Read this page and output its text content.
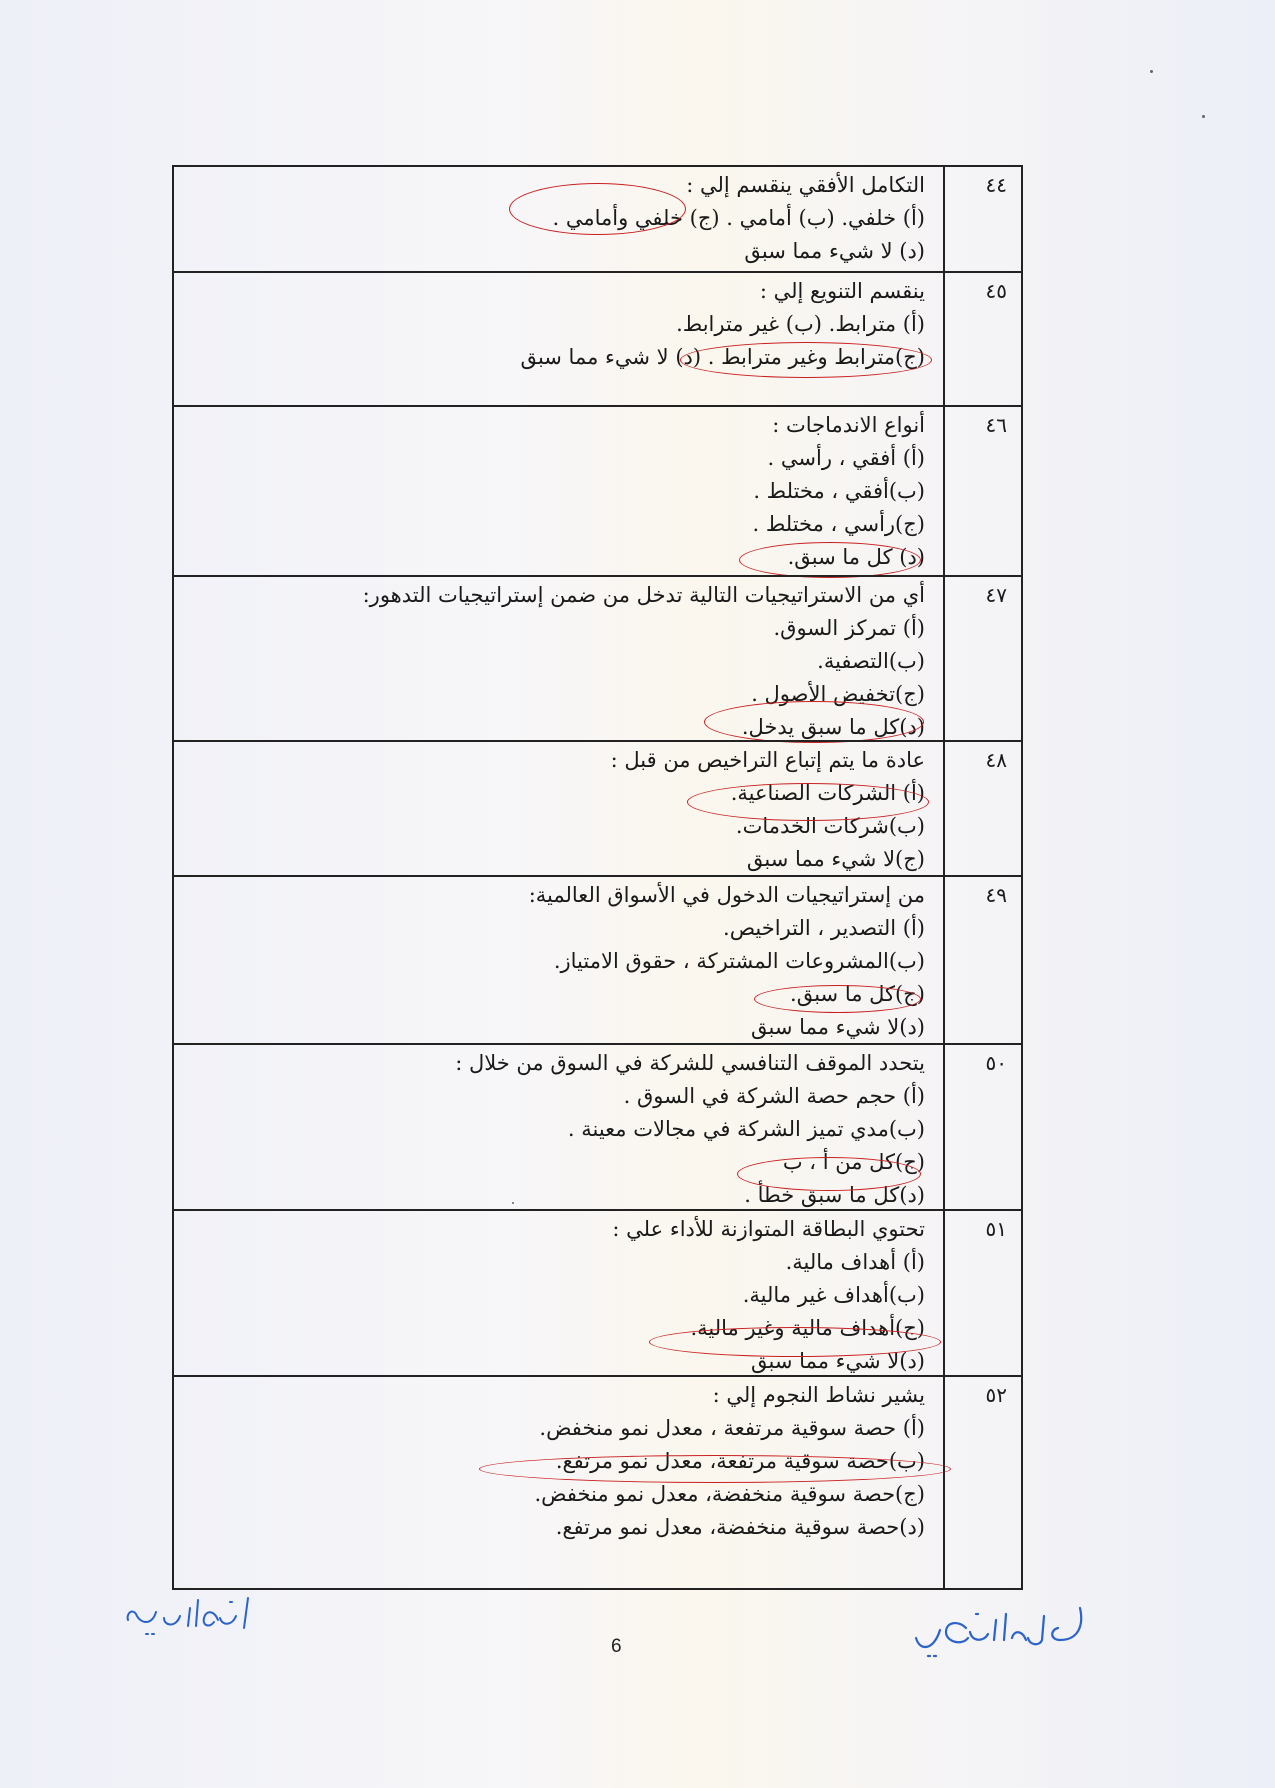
٤٤
التكامل الأفقي ينقسم إلي :
(أ) خلفي. (ب) أمامي . (ج) خلفي وأمامي .
(د) لا شيء مما سبق
٤٥
ينقسم التنويع إلي :
(أ) مترابط. (ب) غير مترابط.
(ج)مترابط وغير مترابط . (د) لا شيء مما سبق
٤٦
أنواع الاندماجات :
(أ) أفقي ، رأسي .
(ب)أفقي ، مختلط .
(ج)رأسي ، مختلط .
(د) كل ما سبق.
٤٧
أي من الاستراتيجيات التالية تدخل من ضمن إستراتيجيات التدهور:
(أ) تمركز السوق.
(ب)التصفية.
(ج)تخفيض الأصول .
(د)كل ما سبق يدخل.
٤٨
عادة ما يتم إتباع التراخيص من قبل :
(أ) الشركات الصناعية.
(ب)شركات الخدمات.
(ج)لا شيء مما سبق
٤٩
من إستراتيجيات الدخول في الأسواق العالمية:
(أ) التصدير ، التراخيص.
(ب)المشروعات المشتركة ، حقوق الامتياز.
(ج)كل ما سبق.
(د)لا شيء مما سبق
٥٠
يتحدد الموقف التنافسي للشركة في السوق من خلال :
(أ) حجم حصة الشركة في السوق .
(ب)مدي تميز الشركة في مجالات معينة .
(ج)كل من أ ، ب
(د)كل ما سبق خطأ .
٥١
تحتوي البطاقة المتوازنة للأداء علي :
(أ) أهداف مالية.
(ب)أهداف غير مالية.
(ج)أهداف مالية وغير مالية.
(د)لا شيء مما سبق
٥٢
يشير نشاط النجوم إلي :
(أ) حصة سوقية مرتفعة ، معدل نمو منخفض.
(ب)حصة سوقية مرتفعة، معدل نمو مرتفع.
(ج)حصة سوقية منخفضة، معدل نمو منخفض.
(د)حصة سوقية منخفضة، معدل نمو مرتفع.
6
